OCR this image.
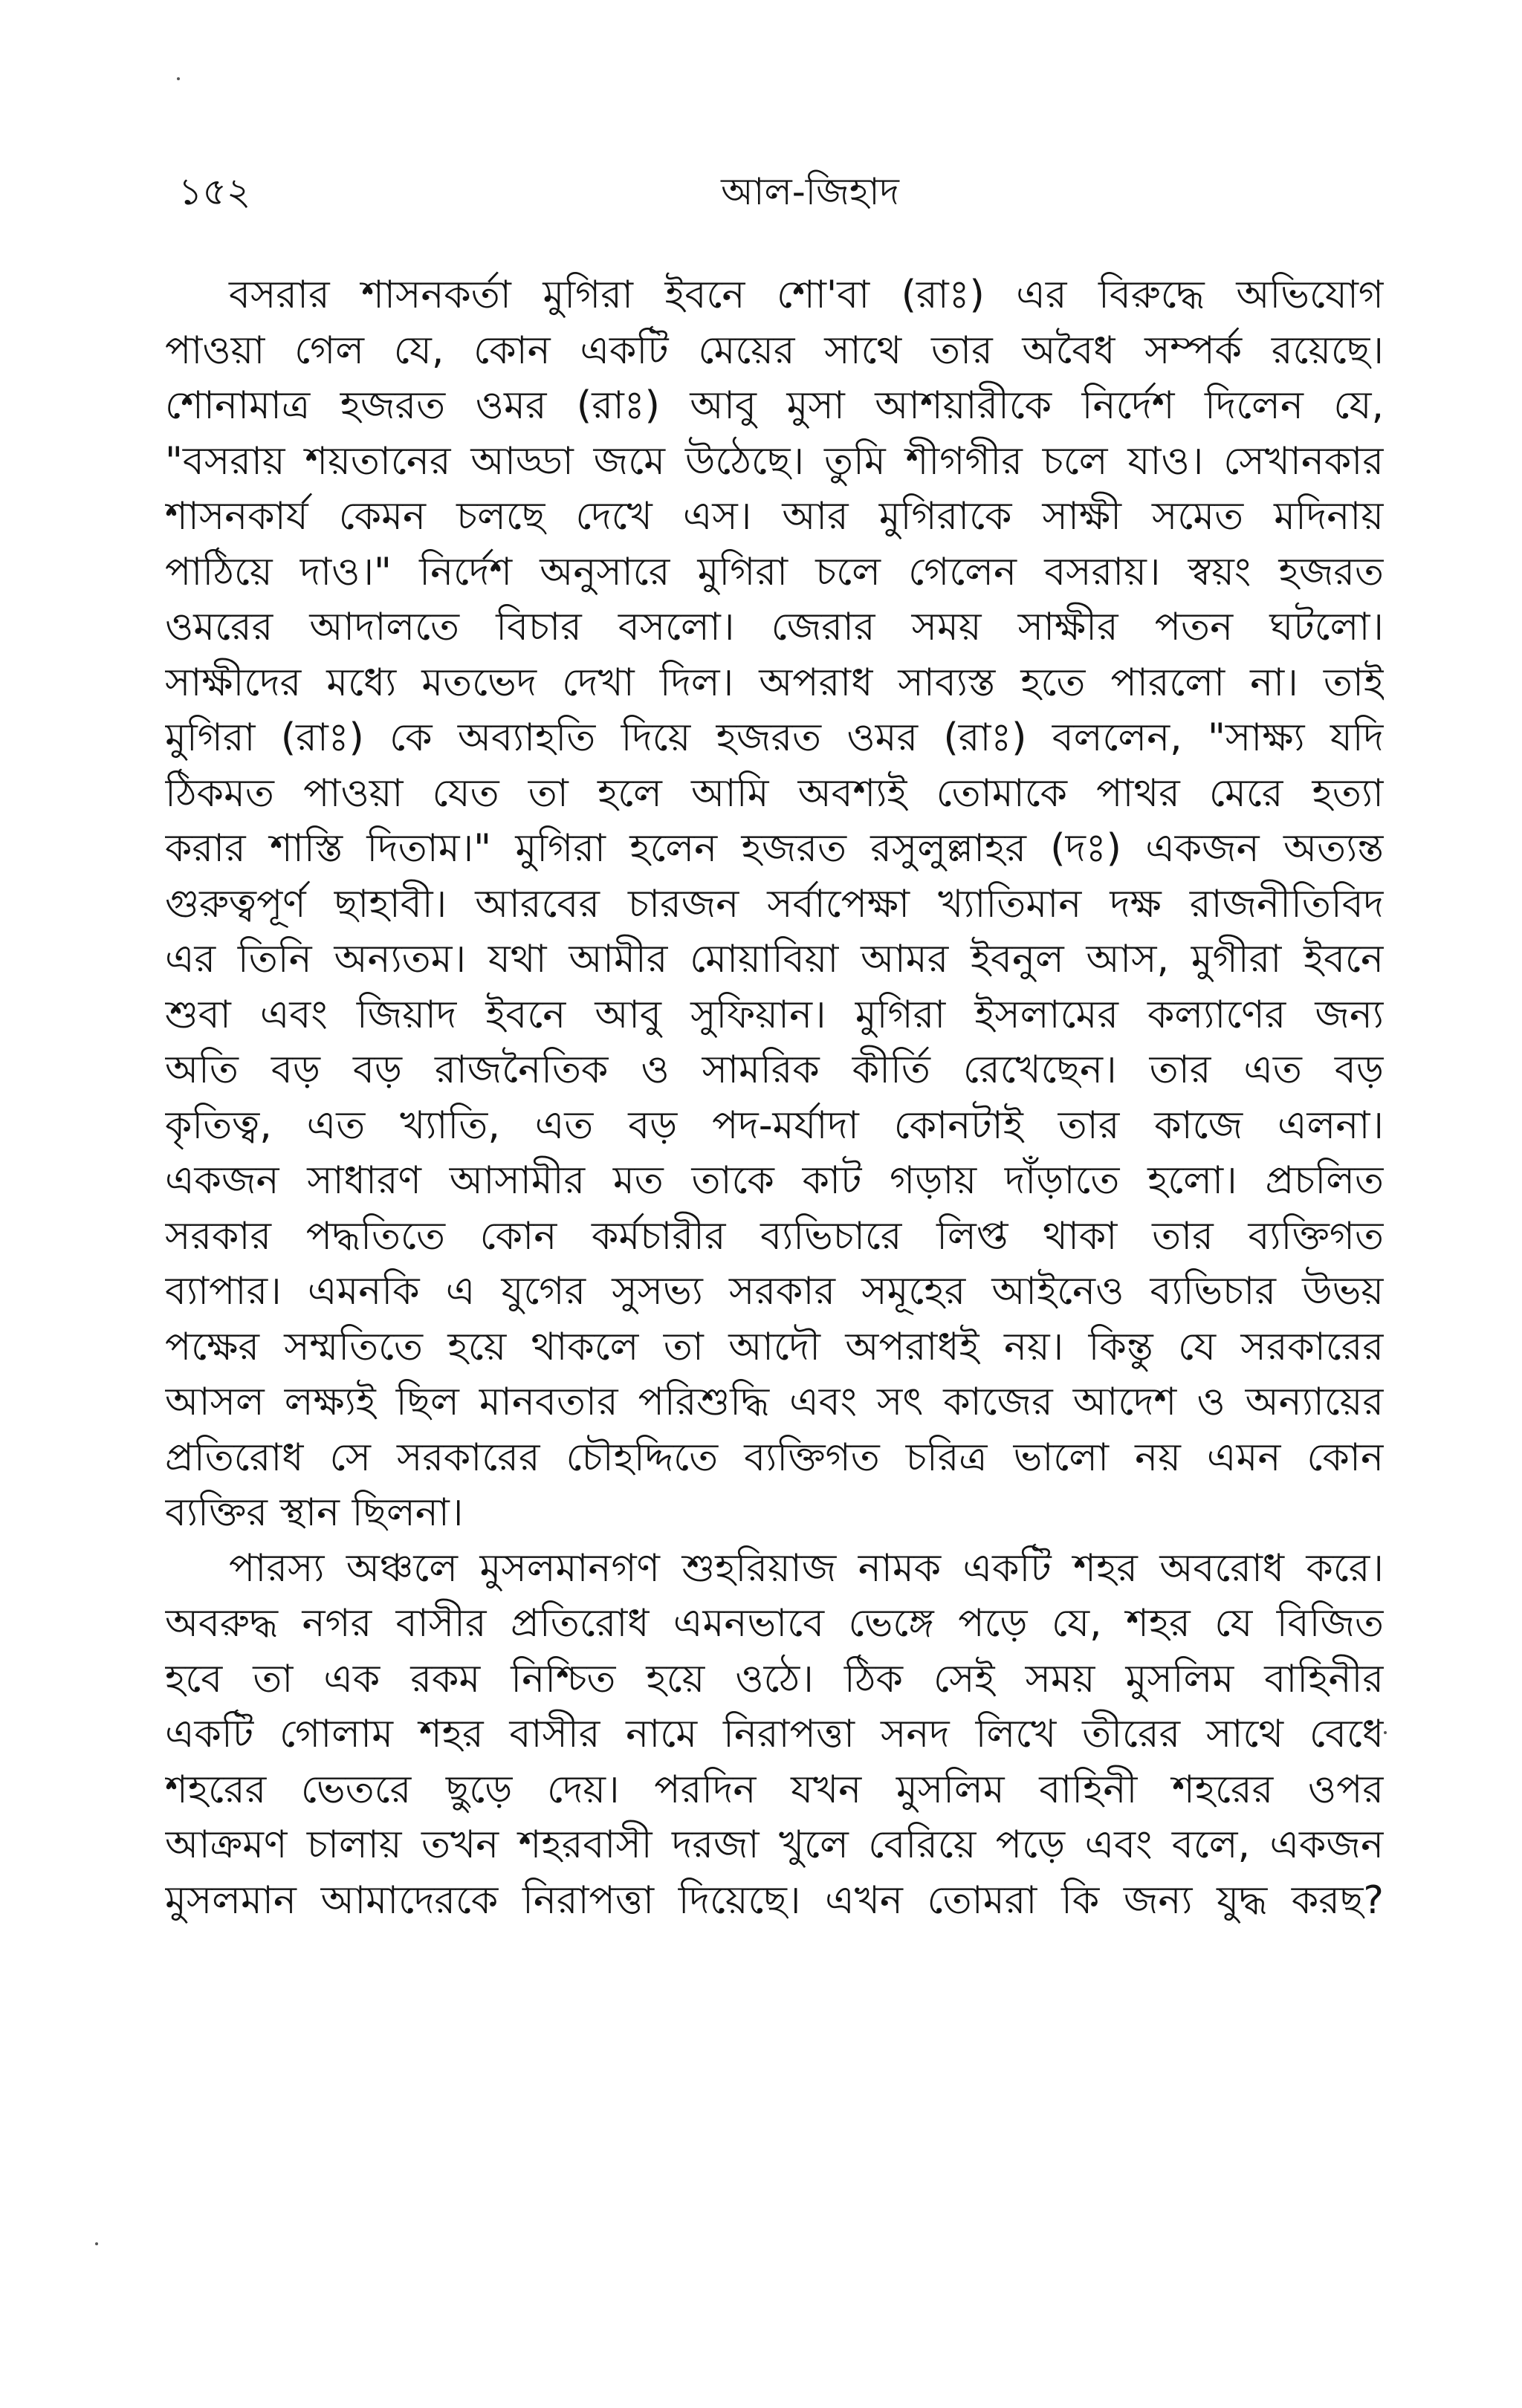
১৫২	আল-জিহাদ
বসরার শাসনকর্তা মুগিরা ইবনে শো'বা (রাঃ) এর বিরুদ্ধে অভিযোগ
পাওয়া গেল যে, কোন একটি মেয়ের সাথে তার অবৈধ সম্পর্ক রয়েছে।
শোনামাত্র হজরত ওমর (রাঃ) আবু মুসা আশয়ারীকে নির্দেশ দিলেন যে,
"বসরায় শয়তানের আড্ডা জমে উঠেছে। তুমি শীগগীর চলে যাও। সেখানকার
শাসনকার্য কেমন চলছে দেখে এস। আর মুগিরাকে সাক্ষী সমেত মদিনায়
পাঠিয়ে দাও।" নির্দেশ অনুসারে মুগিরা চলে গেলেন বসরায়। স্বয়ং হজরত
ওমরের আদালতে বিচার বসলো। জেরার সময় সাক্ষীর পতন ঘটলো।
সাক্ষীদের মধ্যে মতভেদ দেখা দিল। অপরাধ সাব্যস্ত হতে পারলো না। তাই
মুগিরা (রাঃ) কে অব্যাহতি দিয়ে হজরত ওমর (রাঃ) বললেন, "সাক্ষ্য যদি
ঠিকমত পাওয়া যেত তা হলে আমি অবশ্যই তোমাকে পাথর মেরে হত্যা
করার শাস্তি দিতাম।" মুগিরা হলেন হজরত রসুলুল্লাহর (দঃ) একজন অত্যন্ত
গুরুত্বপূর্ণ ছাহাবী। আরবের চারজন সর্বাপেক্ষা খ্যাতিমান দক্ষ রাজনীতিবিদ
এর তিনি অন্যতম। যথা আমীর মোয়াবিয়া আমর ইবনুল আস, মুগীরা ইবনে
শুবা এবং জিয়াদ ইবনে আবু সুফিয়ান। মুগিরা ইসলামের কল্যাণের জন্য
অতি বড় বড় রাজনৈতিক ও সামরিক কীর্তি রেখেছেন। তার এত বড়
কৃতিত্ব, এত খ্যাতি, এত বড় পদ-মর্যাদা কোনটাই তার কাজে এলনা।
একজন সাধারণ আসামীর মত তাকে কাট গড়ায় দাঁড়াতে হলো। প্রচলিত
সরকার পদ্ধতিতে কোন কর্মচারীর ব্যভিচারে লিপ্ত থাকা তার ব্যক্তিগত
ব্যাপার। এমনকি এ যুগের সুসভ্য সরকার সমূহের আইনেও ব্যভিচার উভয়
পক্ষের সম্মতিতে হয়ে থাকলে তা আদৌ অপরাধই নয়। কিন্তু যে সরকারের
আসল লক্ষ্যই ছিল মানবতার পরিশুদ্ধি এবং সৎ কাজের আদেশ ও অন্যায়ের
প্রতিরোধ সে সরকারের চৌহদ্দিতে ব্যক্তিগত চরিত্র ভালো নয় এমন কোন
ব্যক্তির স্থান ছিলনা।
পারস্য অঞ্চলে মুসলমানগণ শুহরিয়াজ নামক একটি শহর অবরোধ করে।
অবরুদ্ধ নগর বাসীর প্রতিরোধ এমনভাবে ভেঙ্গে পড়ে যে, শহর যে বিজিত
হবে তা এক রকম নিশ্চিত হয়ে ওঠে। ঠিক সেই সময় মুসলিম বাহিনীর
একটি গোলাম শহর বাসীর নামে নিরাপত্তা সনদ লিখে তীরের সাথে বেধে
শহরের ভেতরে ছুড়ে দেয়। পরদিন যখন মুসলিম বাহিনী শহরের ওপর
আক্রমণ চালায় তখন শহরবাসী দরজা খুলে বেরিয়ে পড়ে এবং বলে, একজন
মুসলমান আমাদেরকে নিরাপত্তা দিয়েছে। এখন তোমরা কি জন্য যুদ্ধ করছ?
